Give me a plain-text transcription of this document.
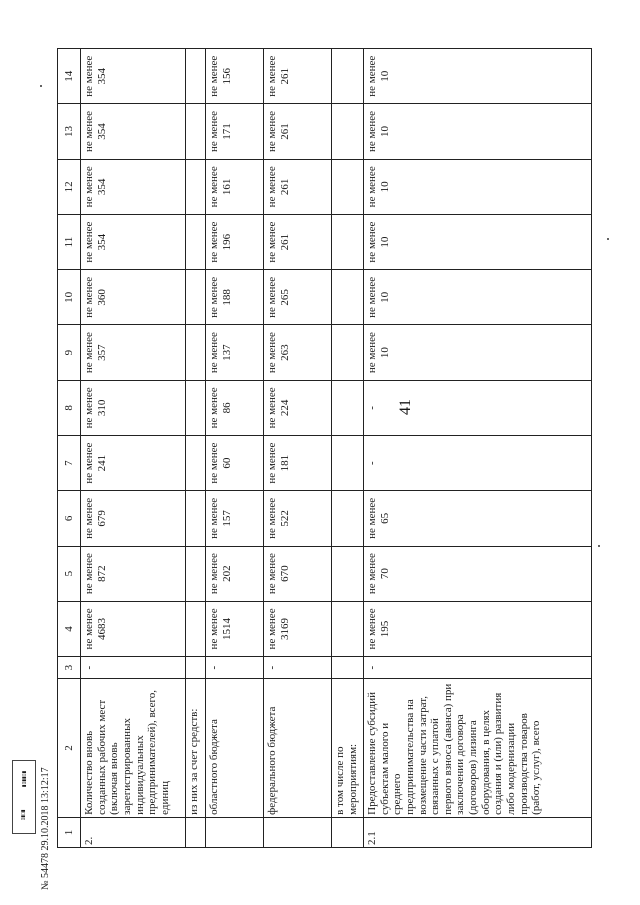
41
1	2	3	4	5	6	7	8	9	10	11	12	13	14
2.	Количество вновь созданных рабочих мест (включая вновь зарегистрированных индивидуальных предпринимателей), всего, единиц	-	не менее 4683	не менее 872	не менее 679	не менее 241	не менее 310	не менее 357	не менее 360	не менее 354	не менее 354	не менее 354	не менее 354
	из них за счет средств:												
	областного бюджета	-	не менее 1514	не менее 202	не менее 157	не менее 60	не менее 86	не менее 137	не менее 188	не менее 196	не менее 161	не менее 171	не менее 156
	федерального бюджета	-	не менее 3169	не менее 670	не менее 522	не менее 181	не менее 224	не менее 263	не менее 265	не менее 261	не менее 261	не менее 261	не менее 261
	в том числе по мероприятиям:												
2.1	Предоставление субсидий субъектам малого и среднего предпринимательства на возмещение части затрат, связанных с уплатой первого взноса (аванса) при заключении договора (договоров) лизинга оборудования, в целях создания и (или) развития либо модернизации производства товаров (работ, услуг), всего	-	не менее 195	не менее 70	не менее 65	-	-	не менее 10	не менее 10	не менее 10	не менее 10	не менее 10	не менее 10
▮▯▮▮▯▮
▯▮▯▮ № 54478 29.10.2018 13:12:17
